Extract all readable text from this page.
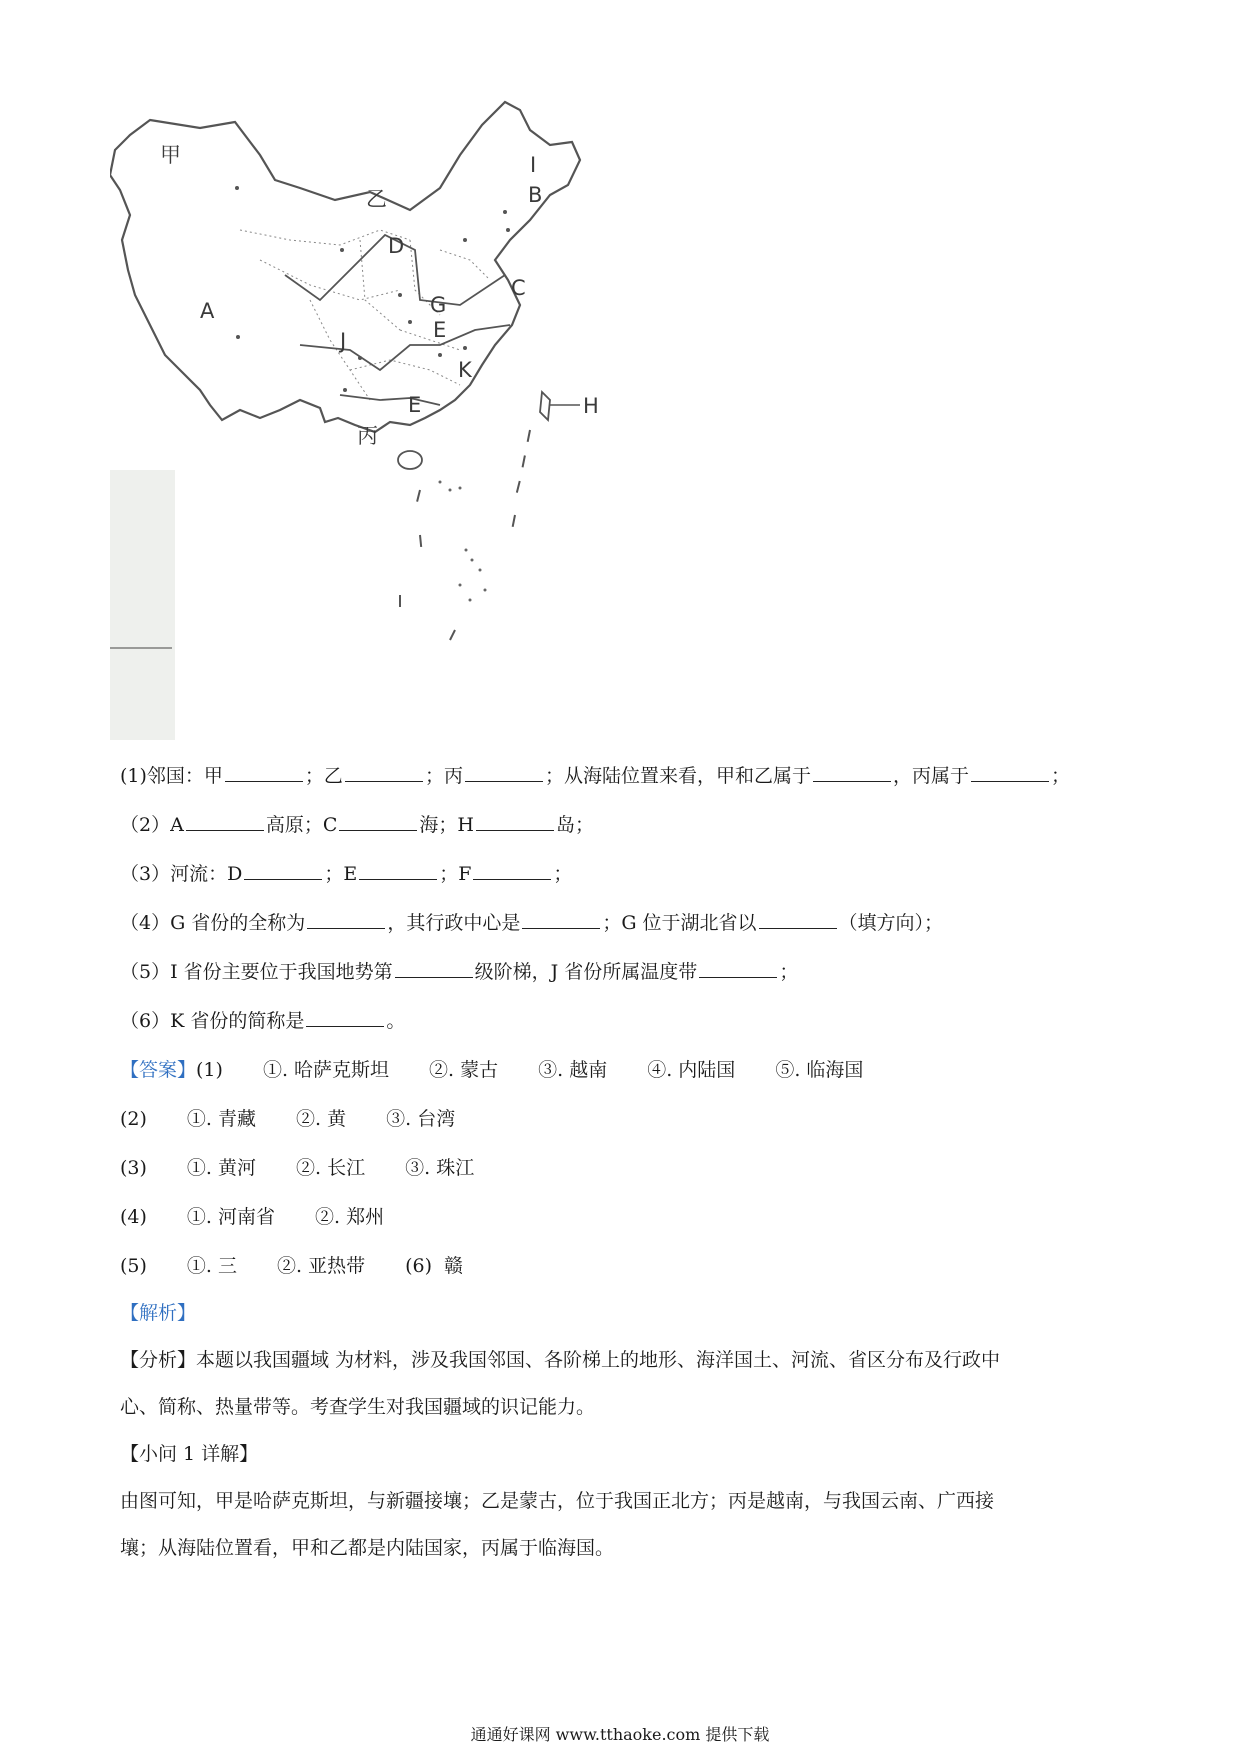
甲
乙
丙
A
B
C
D
E
E
G
H
I
J
K
(1)邻国：甲	；乙	；丙	；从海陆位置来看，甲和乙属于	，丙属于	；
（2）A	高原；C	海；H	岛；
（3）河流：D	；E	；F	；
（4）G 省份的全称为	，其行政中心是	；G 位于湖北省以	（填方向）；
（5）I 省份主要位于我国地势第	级阶梯，J 省份所属温度带	；
（6）K 省份的简称是	。
【答案】(1) ①. 哈萨克斯坦 ②. 蒙古 ③. 越南 ④. 内陆国 ⑤. 临海国
(2) ①. 青藏 ②. 黄 ③. 台湾
(3) ①. 黄河 ②. 长江 ③. 珠江
(4) ①. 河南省 ②. 郑州
(5) ①. 三 ②. 亚热带 (6) 赣
【解析】
【分析】本题以我国疆域 为材料，涉及我国邻国、各阶梯上的地形、海洋国土、河流、省区分布及行政中
心、简称、热量带等。考查学生对我国疆域的识记能力。
【小问 1 详解】
由图可知，甲是哈萨克斯坦，与新疆接壤；乙是蒙古，位于我国正北方；丙是越南，与我国云南、广西接
壤；从海陆位置看，甲和乙都是内陆国家，丙属于临海国。
通通好课网 www.tthaoke.com 提供下载
